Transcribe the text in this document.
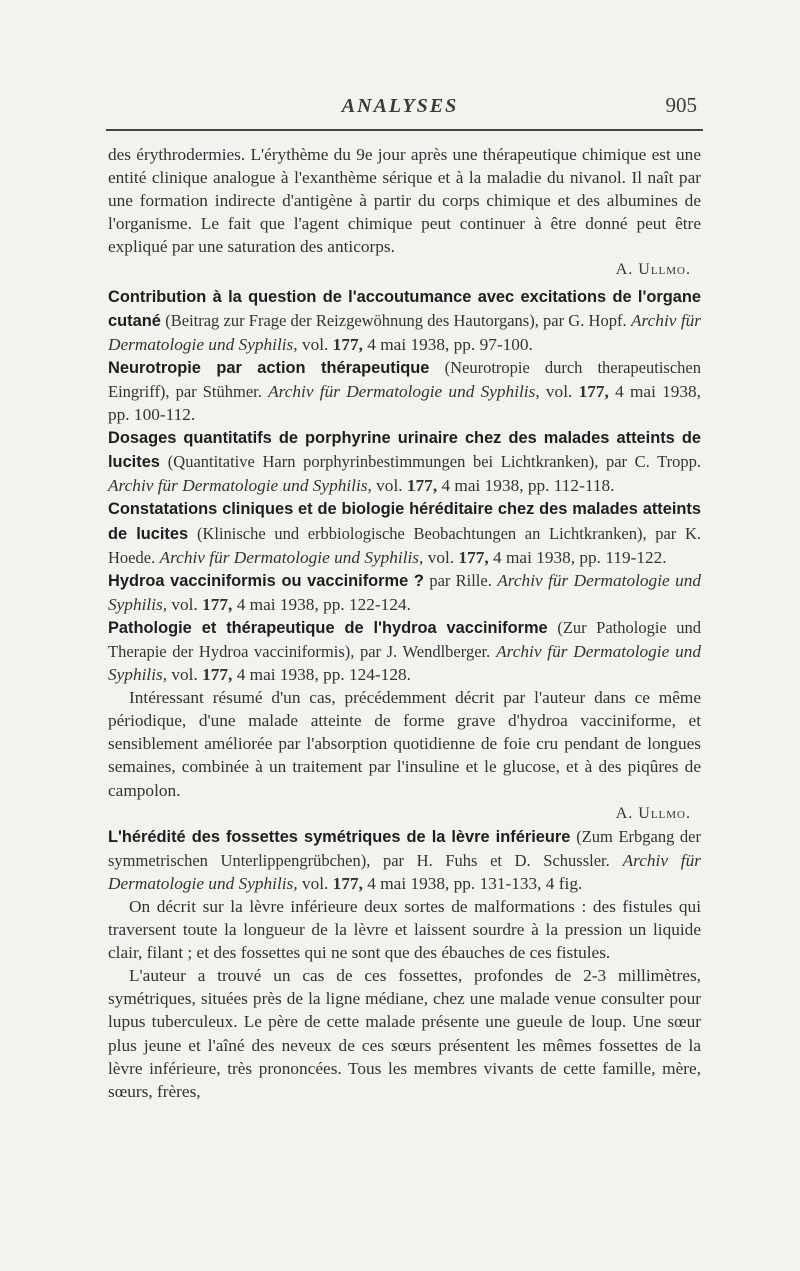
ANALYSES	905

des érythrodermies. L'érythème du 9e jour après une thérapeutique chimique est une entité clinique analogue à l'exanthème sérique et à la maladie du nivanol. Il naît par une formation indirecte d'antigène à partir du corps chimique et des albumines de l'organisme. Le fait que l'agent chimique peut continuer à être donné peut être expliqué par une saturation des anticorps.

A. Ullmo.

Contribution à la question de l'accoutumance avec excitations de l'organe cutané (Beitrag zur Frage der Reizgewöhnung des Hautorgans), par G. Hopf. Archiv für Dermatologie und Syphilis, vol. 177, 4 mai 1938, pp. 97-100.

Neurotropie par action thérapeutique (Neurotropie durch therapeutischen Eingriff), par Stühmer. Archiv für Dermatologie und Syphilis, vol. 177, 4 mai 1938, pp. 100-112.

Dosages quantitatifs de porphyrine urinaire chez des malades atteints de lucites (Quantitative Harn porphyrinbestimmungen bei Lichtkranken), par C. Tropp. Archiv für Dermatologie und Syphilis, vol. 177, 4 mai 1938, pp. 112-118.

Constatations cliniques et de biologie héréditaire chez des malades atteints de lucites (Klinische und erbbiologische Beobachtungen an Lichtkranken), par K. Hoede. Archiv für Dermatologie und Syphilis, vol. 177, 4 mai 1938, pp. 119-122.

Hydroa vacciniformis ou vacciniforme ? par Rille. Archiv für Dermatologie und Syphilis, vol. 177, 4 mai 1938, pp. 122-124.

Pathologie et thérapeutique de l'hydroa vacciniforme (Zur Pathologie und Therapie der Hydroa vacciniformis), par J. Wendlberger. Archiv für Dermatologie und Syphilis, vol. 177, 4 mai 1938, pp. 124-128.

Intéressant résumé d'un cas, précédemment décrit par l'auteur dans ce même périodique, d'une malade atteinte de forme grave d'hydroa vacciniforme, et sensiblement améliorée par l'absorption quotidienne de foie cru pendant de longues semaines, combinée à un traitement par l'insuline et le glucose, et à des piqûres de campolon.

A. Ullmo.

L'hérédité des fossettes symétriques de la lèvre inférieure (Zum Erbgang der symmetrischen Unterlippengrübchen), par H. Fuhs et D. Schussler. Archiv für Dermatologie und Syphilis, vol. 177, 4 mai 1938, pp. 131-133, 4 fig.

On décrit sur la lèvre inférieure deux sortes de malformations : des fistules qui traversent toute la longueur de la lèvre et laissent sourdre à la pression un liquide clair, filant ; et des fossettes qui ne sont que des ébauches de ces fistules.

L'auteur a trouvé un cas de ces fossettes, profondes de 2-3 millimètres, symétriques, situées près de la ligne médiane, chez une malade venue consulter pour lupus tuberculeux. Le père de cette malade présente une gueule de loup. Une sœur plus jeune et l'aîné des neveux de ces sœurs présentent les mêmes fossettes de la lèvre inférieure, très prononcées. Tous les membres vivants de cette famille, mère, sœurs, frères,
